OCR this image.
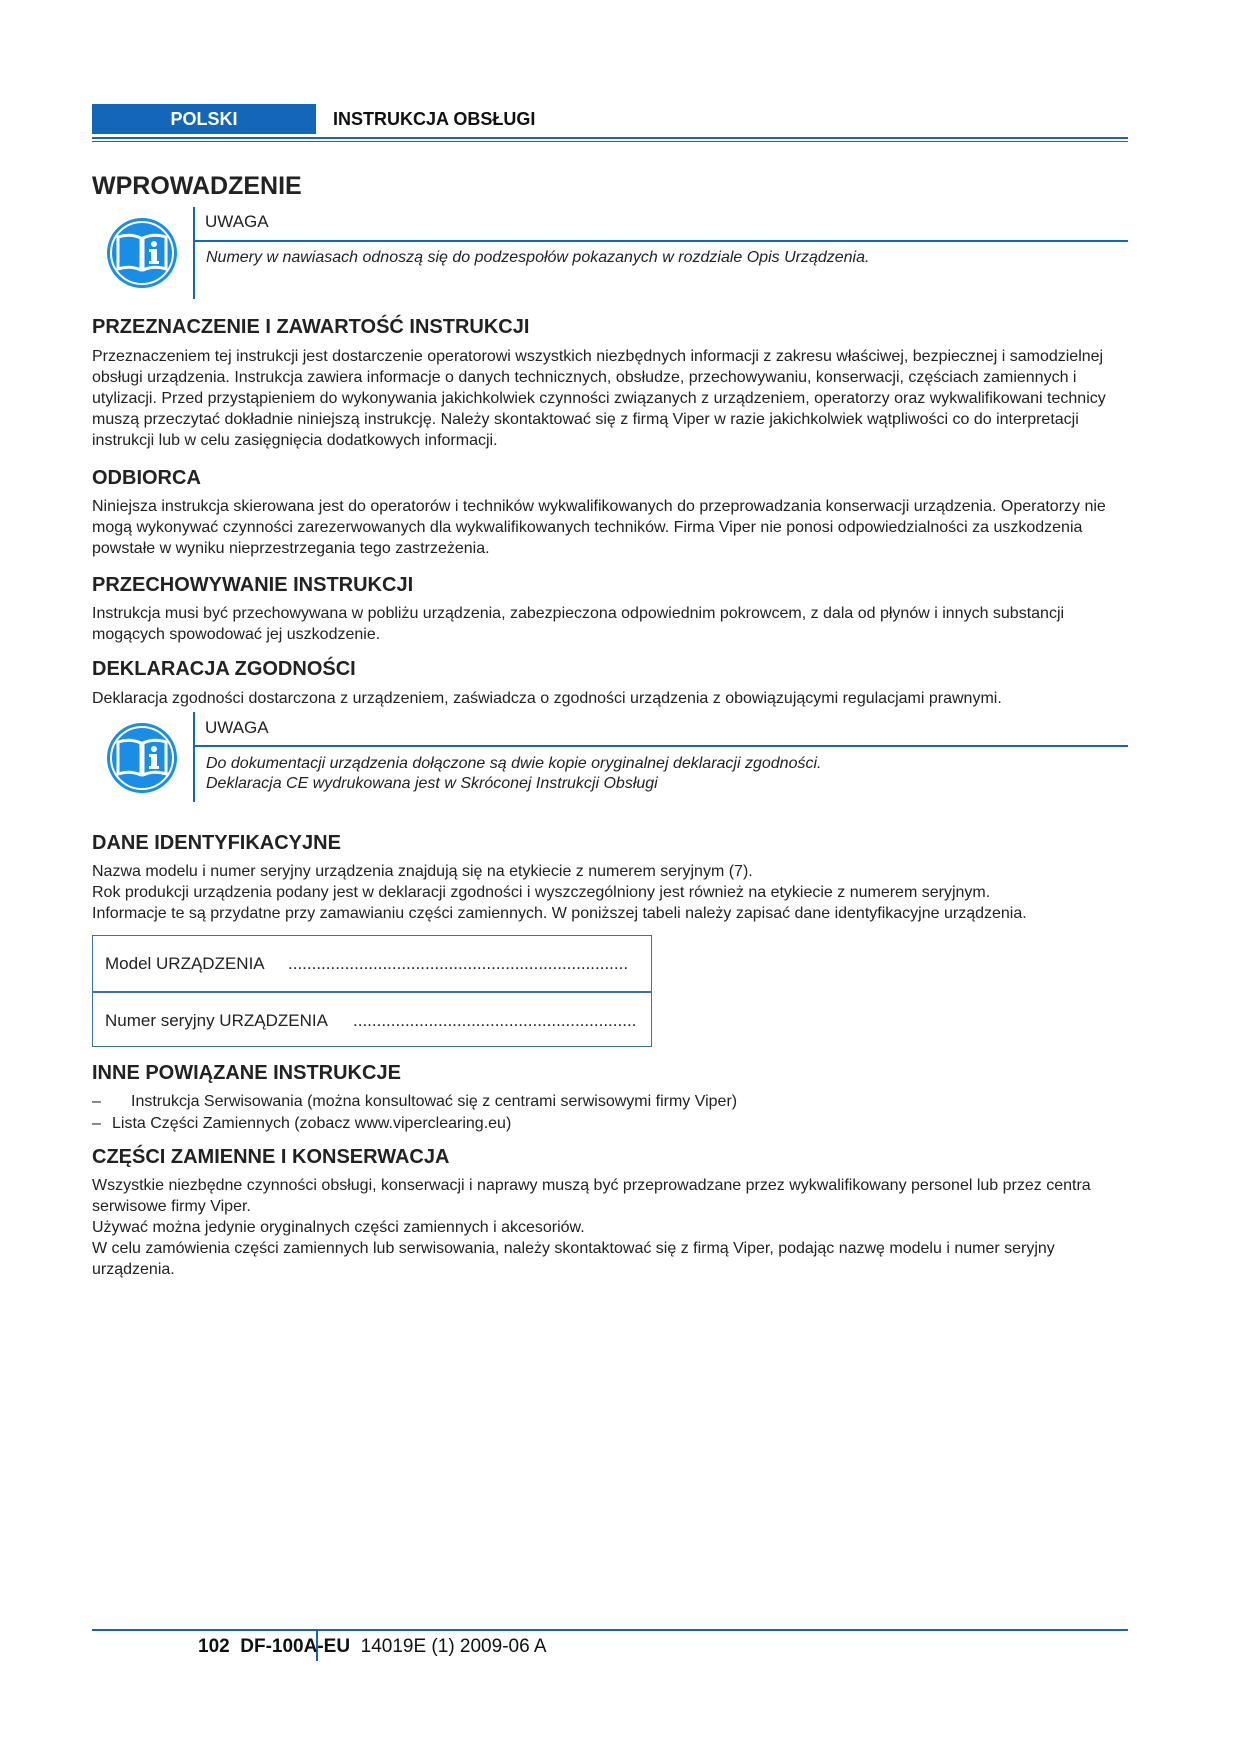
POLSKI	INSTRUKCJA OBSŁUGI
WPROWADZENIE
UWAGA
Numery w nawiasach odnoszą się do podzespołów pokazanych w rozdziale Opis Urządzenia.
PRZEZNACZENIE I ZAWARTOŚĆ INSTRUKCJI
Przeznaczeniem tej instrukcji jest dostarczenie operatorowi wszystkich niezbędnych informacji z zakresu właściwej, bezpiecznej i samodzielnej obsługi urządzenia. Instrukcja zawiera informacje o danych technicznych, obsłudze, przechowywaniu, konserwacji, częściach zamiennych i utylizacji. Przed przystąpieniem do wykonywania jakichkolwiek czynności związanych z urządzeniem, operatorzy oraz wykwalifikowani technicy muszą przeczytać dokładnie niniejszą instrukcję. Należy skontaktować się z firmą Viper w razie jakichkolwiek wątpliwości co do interpretacji instrukcji lub w celu zasięgnięcia dodatkowych informacji.
ODBIORCA
Niniejsza instrukcja skierowana jest do operatorów i techników wykwalifikowanych do przeprowadzania konserwacji urządzenia. Operatorzy nie mogą wykonywać czynności zarezerwowanych dla wykwalifikowanych techników. Firma Viper nie ponosi odpowiedzialności za uszkodzenia powstałe w wyniku nieprzestrzegania tego zastrzeżenia.
PRZECHOWYWANIE INSTRUKCJI
Instrukcja musi być przechowywana w pobliżu urządzenia, zabezpieczona odpowiednim pokrowcem, z dala od płynów i innych substancji mogących spowodować jej uszkodzenie.
DEKLARACJA ZGODNOŚCI
Deklaracja zgodności dostarczona z urządzeniem, zaświadcza o zgodności urządzenia z obowiązującymi regulacjami prawnymi.
UWAGA

Do dokumentacji urządzenia dołączone są dwie kopie oryginalnej deklaracji zgodności.

Deklaracja CE wydrukowana jest w Skróconej Instrukcji Obsługi

DANE IDENTYFIKACYJNE

Nazwa modelu i numer seryjny urządzenia znajdują się na etykiecie z numerem seryjnym (7).

Rok produkcji urządzenia podany jest w deklaracji zgodności i wyszczególniony jest również na etykiecie z numerem seryjnym.

Informacje te są przydatne przy zamawianiu części zamiennych. W poniższej tabeli należy zapisać dane identyfikacyjne urządzenia.

Model URZĄDZENIA ........................................................................
Numer seryjny URZĄDZENIA ............................................................
INNE POWIĄZANE INSTRUKCJE
– Instrukcja Serwisowania (można konsultować się z centrami serwisowymi firmy Viper)
– Lista Części Zamiennych (zobacz www.viperclearing.eu)
CZĘŚCI ZAMIENNE I KONSERWACJA

Wszystkie niezbędne czynności obsługi, konserwacji i naprawy muszą być przeprowadzane przez wykwalifikowany personel lub przez centra serwisowe firmy Viper.

Używać można jedynie oryginalnych części zamiennych i akcesoriów.

W celu zamówienia części zamiennych lub serwisowania, należy skontaktować się z firmą Viper, podając nazwę modelu i numer seryjny urządzenia.

102 DF-100A-EU 14019E (1) 2009-06 A
